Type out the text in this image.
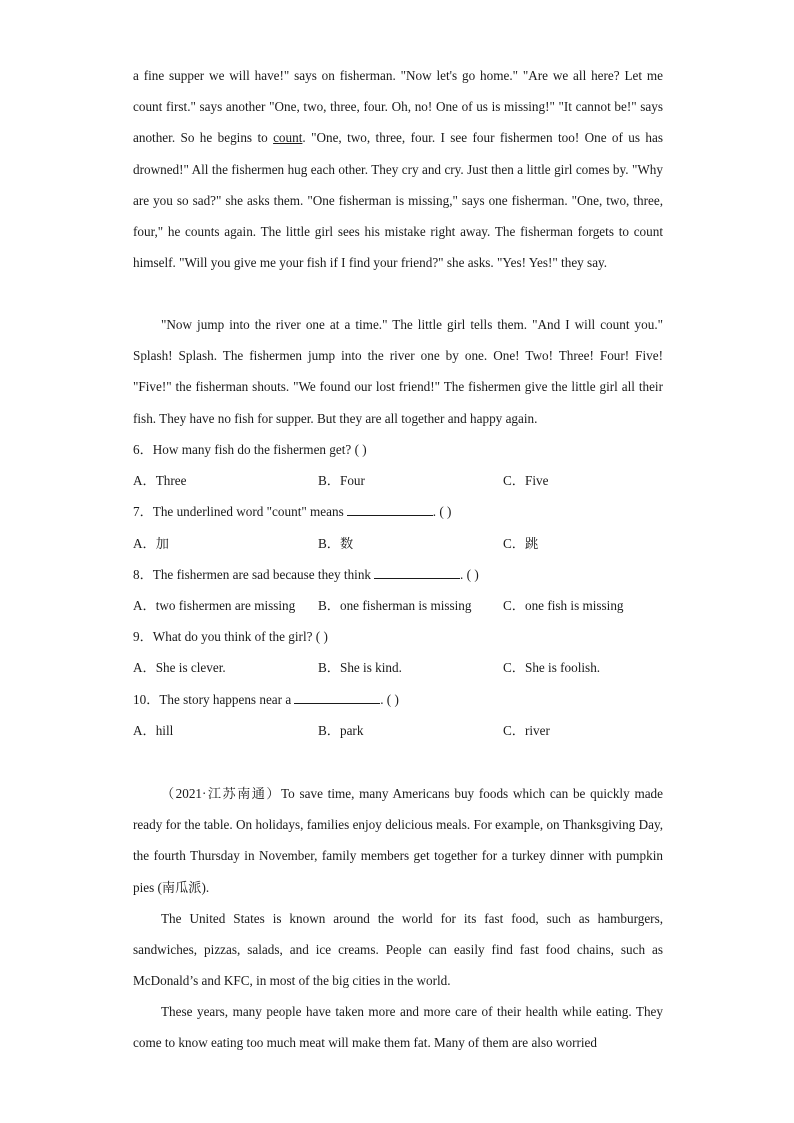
a fine supper we will have!" says on fisherman. "Now let's go home." "Are we all here? Let me count first." says another "One, two, three, four. Oh, no! One of us is missing!" "It cannot be!" says another. So he begins to count. "One, two, three, four. I see four fishermen too! One of us has drowned!" All the fishermen hug each other. They cry and cry. Just then a little girl comes by. "Why are you so sad?" she asks them. "One fisherman is missing," says one fisherman. "One, two, three, four," he counts again. The little girl sees his mistake right away. The fisherman forgets to count himself. "Will you give me your fish if I find your friend?" she asks. "Yes! Yes!" they say.

"Now jump into the river one at a time." The little girl tells them. "And I will count you." Splash! Splash. The fishermen jump into the river one by one. One! Two! Three! Four! Five! "Five!" the fisherman shouts. "We found our lost friend!" The fishermen give the little girl all their fish. They have no fish for supper. But they are all together and happy again.

6．How many fish do the fishermen get? ( )
A．Three	B．Four	C．Five
7．The underlined word "count" means	. ( )
A．加	B．数	C．跳
8．The fishermen are sad because they think	. ( )
A．two fishermen are missing B．one fisherman is missing C．one fish is missing
9．What do you think of the girl? ( )
A．She is clever.	B．She is kind.	C．She is foolish.
10．The story happens near a	. ( )
A．hill	B．park	C．river

（2021·江苏南通）To save time, many Americans buy foods which can be quickly made ready for the table. On holidays, families enjoy delicious meals. For example, on Thanksgiving Day, the fourth Thursday in November, family members get together for a turkey dinner with pumpkin pies (南瓜派).

The United States is known around the world for its fast food, such as hamburgers, sandwiches, pizzas, salads, and ice creams. People can easily find fast food chains, such as McDonald’s and KFC, in most of the big cities in the world.

These years, many people have taken more and more care of their health while eating. They come to know eating too much meat will make them fat. Many of them are also worried
